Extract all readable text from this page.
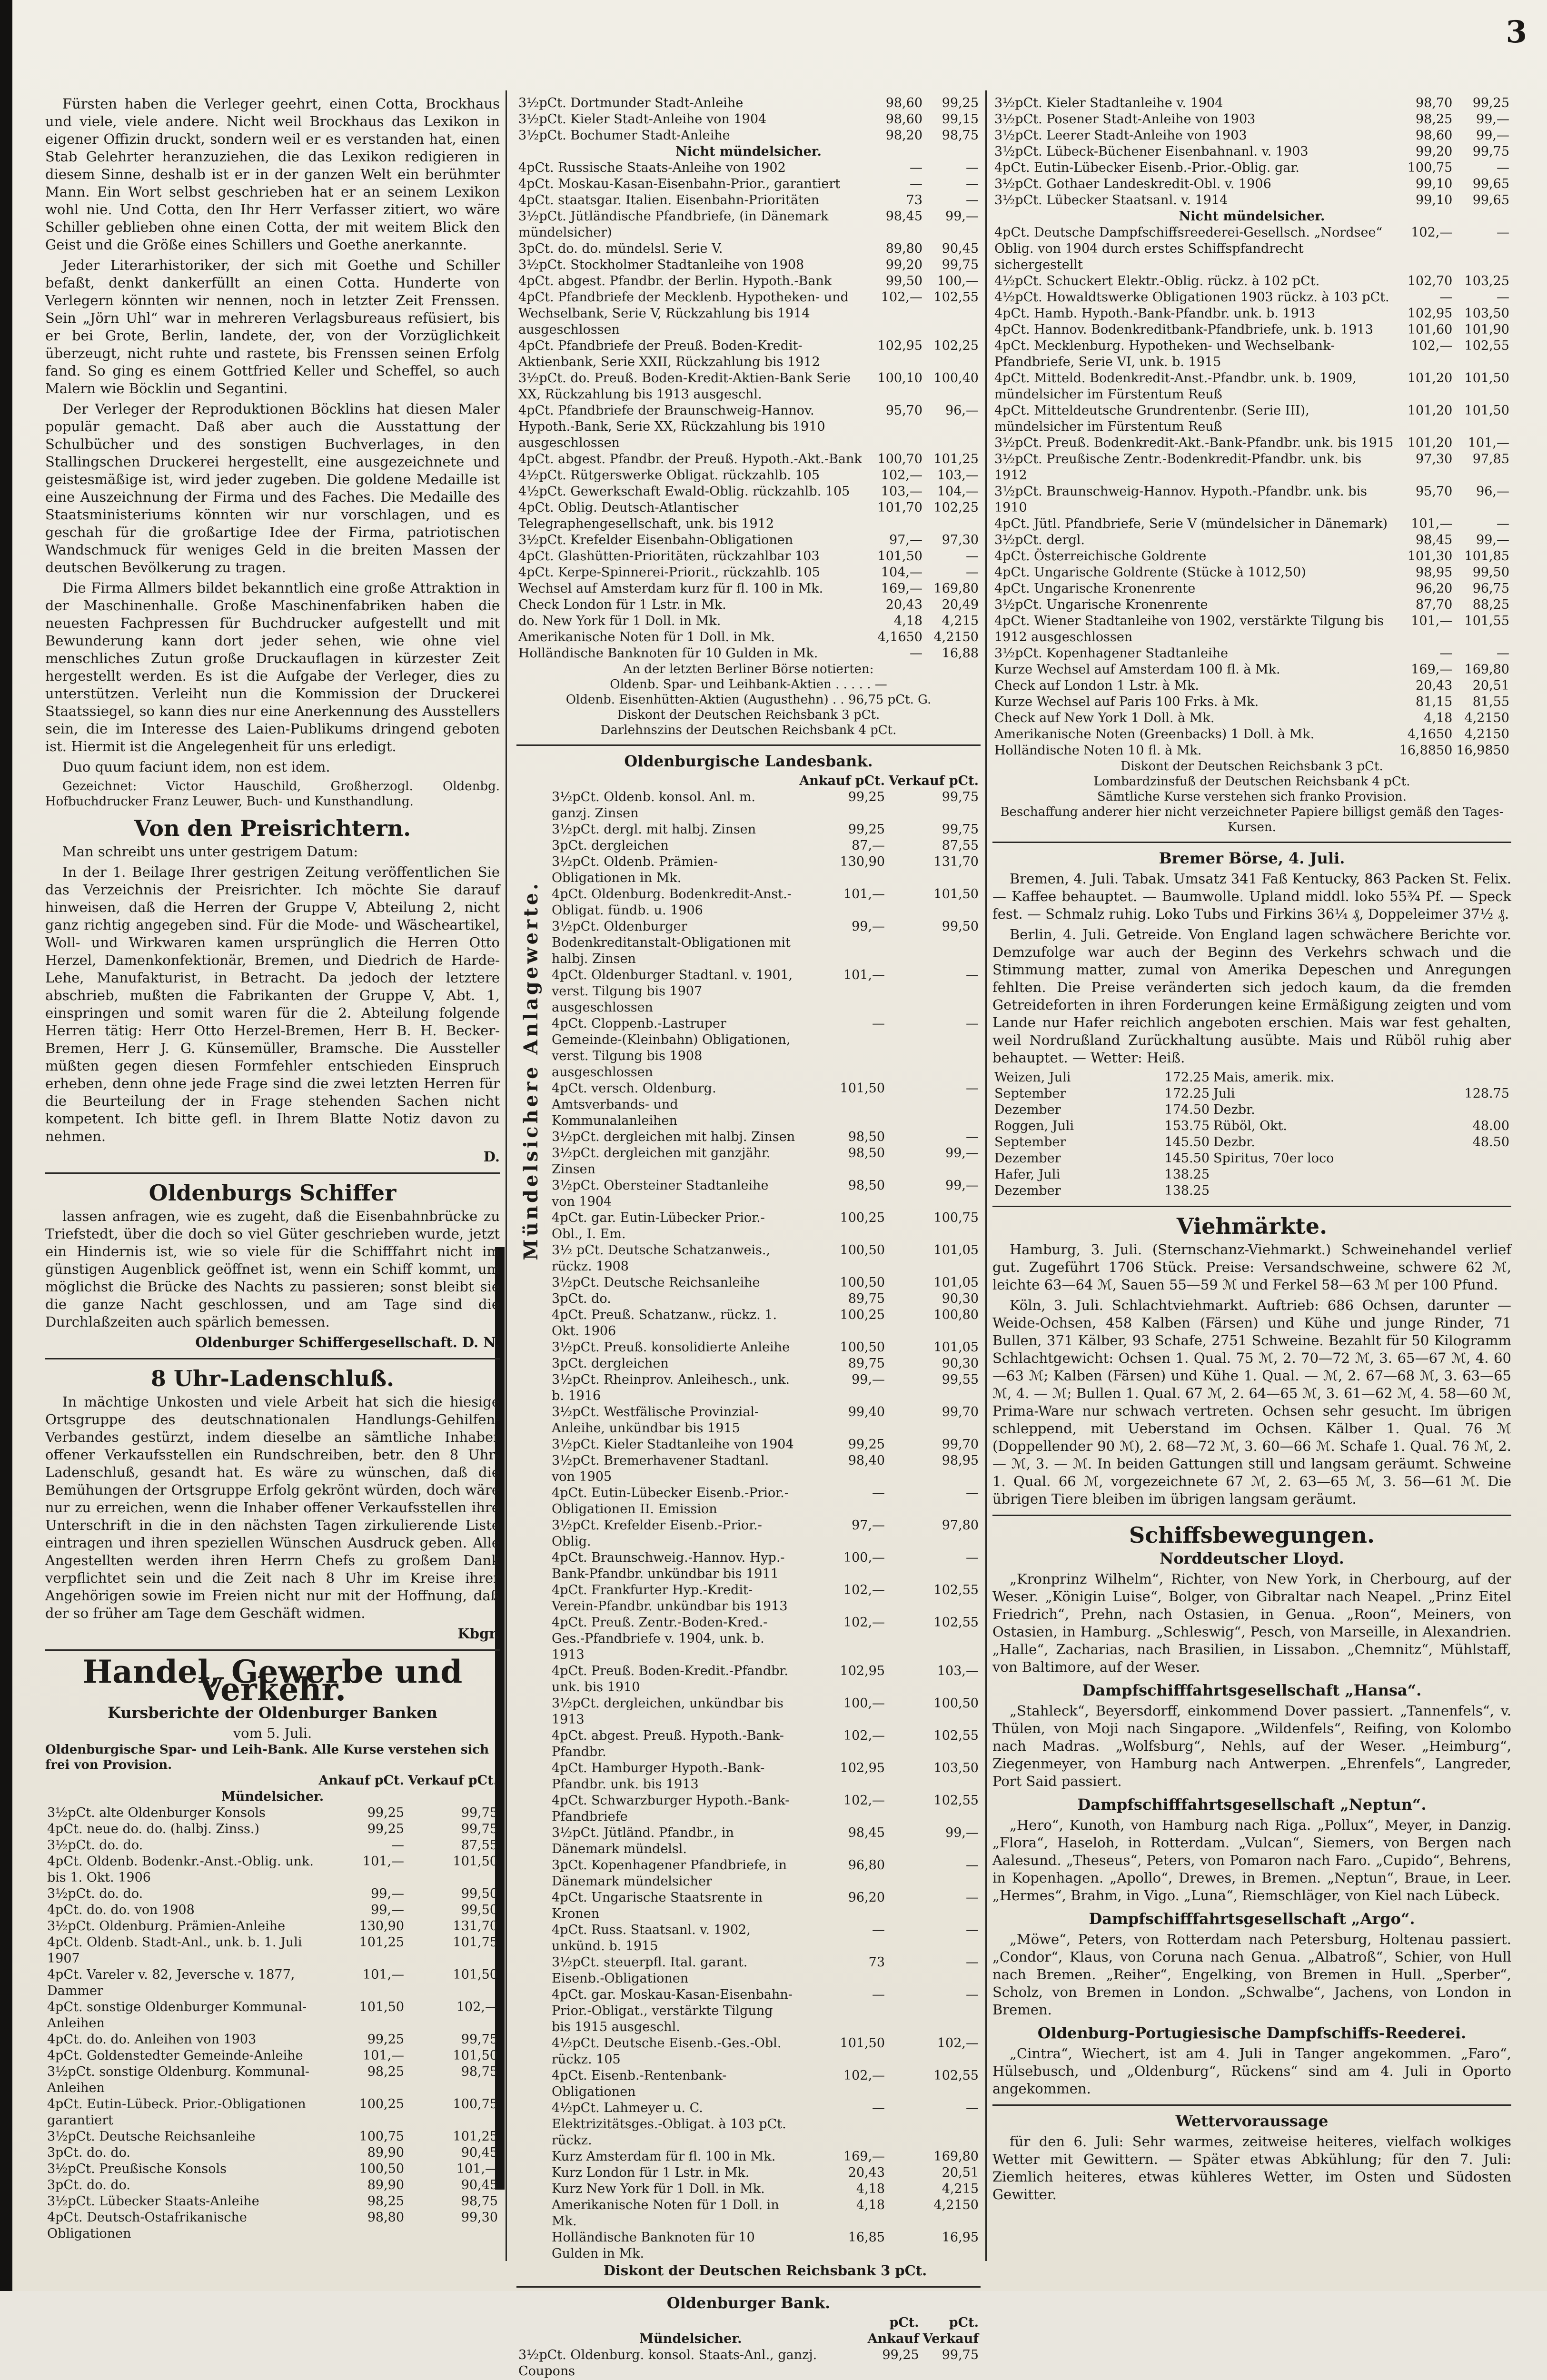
3

Fürsten haben die Verleger geehrt, einen Cotta, Brockhaus und viele, viele andere. Nicht weil Brockhaus das Lexikon in eigener Offizin druckt, sondern weil er es verstanden hat, einen Stab Gelehrter heranzuziehen, die das Lexikon redigieren in diesem Sinne, deshalb ist er in der ganzen Welt ein berühmter Mann. Ein Wort selbst geschrieben hat er an seinem Lexikon wohl nie. Und Cotta, den Ihr Herr Verfasser zitiert, wo wäre Schiller geblieben ohne einen Cotta, der mit weitem Blick den Geist und die Größe eines Schillers und Goethe anerkannte.

Jeder Literarhistoriker, der sich mit Goethe und Schiller befaßt, denkt dankerfüllt an einen Cotta. Hunderte von Verlegern könnten wir nennen, noch in letzter Zeit Frenssen. Sein „Jörn Uhl“ war in mehreren Verlagsbureaus refüsiert, bis er bei Grote, Berlin, landete, der, von der Vorzüglichkeit überzeugt, nicht ruhte und rastete, bis Frenssen seinen Erfolg fand. So ging es einem Gottfried Keller und Scheffel, so auch Malern wie Böcklin und Segantini.

Der Verleger der Reproduktionen Böcklins hat diesen Maler populär gemacht. Daß aber auch die Ausstattung der Schulbücher und des sonstigen Buchverlages, in den Stallingschen Druckerei hergestellt, eine ausgezeichnete und geistesmäßige ist, wird jeder zugeben. Die goldene Medaille ist eine Auszeichnung der Firma und des Faches. Die Medaille des Staatsministeriums könnten wir nur vorschlagen, und es geschah für die großartige Idee der Firma, patriotischen Wandschmuck für weniges Geld in die breiten Massen der deutschen Bevölkerung zu tragen.

Die Firma Allmers bildet bekanntlich eine große Attraktion in der Maschinenhalle. Große Maschinenfabriken haben die neuesten Fachpressen für Buchdrucker aufgestellt und mit Bewunderung kann dort jeder sehen, wie ohne viel menschliches Zutun große Druckauflagen in kürzester Zeit hergestellt werden. Es ist die Aufgabe der Verleger, dies zu unterstützen. Verleiht nun die Kommission der Druckerei Staatssiegel, so kann dies nur eine Anerkennung des Ausstellers sein, die im Interesse des Laien-Publikums dringend geboten ist. Hiermit ist die Angelegenheit für uns erledigt.

Duo quum faciunt idem, non est idem.

Gezeichnet: Victor Hauschild, Großherzogl. Oldenbg. Hofbuchdrucker Franz Leuwer, Buch- und Kunsthandlung.

Von den Preisrichtern.

Man schreibt uns unter gestrigem Datum:

In der 1. Beilage Ihrer gestrigen Zeitung veröffentlichen Sie das Verzeichnis der Preisrichter. Ich möchte Sie darauf hinweisen, daß die Herren der Gruppe V, Abteilung 2, nicht ganz richtig angegeben sind. Für die Mode- und Wäscheartikel, Woll- und Wirkwaren kamen ursprünglich die Herren Otto Herzel, Damenkonfektionär, Bremen, und Diedrich de Harde-Lehe, Manufakturist, in Betracht. Da jedoch der letztere abschrieb, mußten die Fabrikanten der Gruppe V, Abt. 1, einspringen und somit waren für die 2. Abteilung folgende Herren tätig: Herr Otto Herzel-Bremen, Herr B. H. Becker-Bremen, Herr J. G. Künsemüller, Bramsche. Die Aussteller müßten gegen diesen Formfehler entschieden Einspruch erheben, denn ohne jede Frage sind die zwei letzten Herren für die Beurteilung der in Frage stehenden Sachen nicht kompetent. Ich bitte gefl. in Ihrem Blatte Notiz davon zu nehmen.

D.
Oldenburgs Schiffer

lassen anfragen, wie es zugeht, daß die Eisenbahnbrücke zu Triefstedt, über die doch so viel Güter geschrieben wurde, jetzt ein Hindernis ist, wie so viele für die Schifffahrt nicht im günstigen Augenblick geöffnet ist, wenn ein Schiff kommt, um möglichst die Brücke des Nachts zu passieren; sonst bleibt sie die ganze Nacht geschlossen, und am Tage sind die Durchlaßzeiten auch spärlich bemessen.

Oldenburger Schiffergesellschaft. D. N.
8 Uhr-Ladenschluß.

In mächtige Unkosten und viele Arbeit hat sich die hiesige Ortsgruppe des deutschnationalen Handlungs-Gehilfen-Verbandes gestürzt, indem dieselbe an sämtliche Inhaber offener Verkaufsstellen ein Rundschreiben, betr. den 8 Uhr-Ladenschluß, gesandt hat. Es wäre zu wünschen, daß die Bemühungen der Ortsgruppe Erfolg gekrönt würden, doch wäre nur zu erreichen, wenn die Inhaber offener Verkaufsstellen ihre Unterschrift in die in den nächsten Tagen zirkulierende Liste eintragen und ihren speziellen Wünschen Ausdruck geben. Alle Angestellten werden ihren Herrn Chefs zu großem Dank verpflichtet sein und die Zeit nach 8 Uhr im Kreise ihrer Angehörigen sowie im Freien nicht nur mit der Hoffnung, daß der so früher am Tage dem Geschäft widmen.

Kbgr.
Handel, Gewerbe und Verkehr.
Kursberichte der Oldenburger Banken
vom 5. Juli.
Oldenburgische Spar- und Leih-Bank. Alle Kurse verstehen sich frei von Provision.
	Ankauf pCt.	Verkauf pCt.
Mündelsicher.		
3½pCt. alte Oldenburger Konsols	99,25	99,75
4pCt. neue do. do. (halbj. Zinss.)	99,25	99,75
3½pCt. do. do.	—	87,55
4pCt. Oldenb. Bodenkr.-Anst.-Oblig. unk. bis 1. Okt. 1906	101,—	101,50
3½pCt. do. do.	99,—	99,50
4pCt. do. do. von 1908	99,—	99,50
3½pCt. Oldenburg. Prämien-Anleihe	130,90	131,70
4pCt. Oldenb. Stadt-Anl., unk. b. 1. Juli 1907	101,25	101,75
4pCt. Vareler v. 82, Jeversche v. 1877, Dammer	101,—	101,50
4pCt. sonstige Oldenburger Kommunal-Anleihen	101,50	102,—
4pCt. do. do. Anleihen von 1903	99,25	99,75
4pCt. Goldenstedter Gemeinde-Anleihe	101,—	101,50
3½pCt. sonstige Oldenburg. Kommunal-Anleihen	98,25	98,75
4pCt. Eutin-Lübeck. Prior.-Obligationen garantiert	100,25	100,75
3½pCt. Deutsche Reichsanleihe	100,75	101,25
3pCt. do. do.	89,90	90,45
3½pCt. Preußische Konsols	100,50	101,—
3pCt. do. do.	89,90	90,45
3½pCt. Lübecker Staats-Anleihe	98,25	98,75
4pCt. Deutsch-Ostafrikanische Obligationen	98,80	99,30
3½pCt. Dortmunder Stadt-Anleihe	98,60	99,25
3½pCt. Kieler Stadt-Anleihe von 1904	98,60	99,15
3½pCt. Bochumer Stadt-Anleihe	98,20	98,75
Nicht mündelsicher.		
4pCt. Russische Staats-Anleihe von 1902	—	—
4pCt. Moskau-Kasan-Eisenbahn-Prior., garantiert	—	—
4pCt. staatsgar. Italien. Eisenbahn-Prioritäten	73	—
3½pCt. Jütländische Pfandbriefe, (in Dänemark mündelsicher)	98,45	99,—
3pCt. do. do. mündelsl. Serie V.	89,80	90,45
3½pCt. Stockholmer Stadtanleihe von 1908	99,20	99,75
4pCt. abgest. Pfandbr. der Berlin. Hypoth.-Bank	99,50	100,—
4pCt. Pfandbriefe der Mecklenb. Hypotheken- und Wechselbank, Serie V, Rückzahlung bis 1914 ausgeschlossen	102,—	102,55
4pCt. Pfandbriefe der Preuß. Boden-Kredit-Aktienbank, Serie XXII, Rückzahlung bis 1912	102,95	102,25
3½pCt. do. Preuß. Boden-Kredit-Aktien-Bank Serie XX, Rückzahlung bis 1913 ausgeschl.	100,10	100,40
4pCt. Pfandbriefe der Braunschweig-Hannov. Hypoth.-Bank, Serie XX, Rückzahlung bis 1910 ausgeschlossen	95,70	96,—
4pCt. abgest. Pfandbr. der Preuß. Hypoth.-Akt.-Bank	100,70	101,25
4½pCt. Rütgerswerke Obligat. rückzahlb. 105	102,—	103,—
4½pCt. Gewerkschaft Ewald-Oblig. rückzahlb. 105	103,—	104,—
4pCt. Oblig. Deutsch-Atlantischer Telegraphengesellschaft, unk. bis 1912	101,70	102,25
3½pCt. Krefelder Eisenbahn-Obligationen	97,—	97,30
4pCt. Glashütten-Prioritäten, rückzahlbar 103	101,50	—
4pCt. Kerpe-Spinnerei-Priorit., rückzahlb. 105	104,—	—
Wechsel auf Amsterdam kurz für fl. 100 in Mk.	169,—	169,80
Check London für 1 Lstr. in Mk.	20,43	20,49
do. New York für 1 Doll. in Mk.	4,18	4,215
Amerikanische Noten für 1 Doll. in Mk.	4,1650	4,2150
Holländische Banknoten für 10 Gulden in Mk.	—	16,88
An der letzten Berliner Börse notierten:
Oldenb. Spar- und Leihbank-Aktien . . . . . —
Oldenb. Eisenhütten-Aktien (Augusthehn) . . 96,75 pCt. G.
Diskont der Deutschen Reichsbank 3 pCt.
Darlehnszins der Deutschen Reichsbank 4 pCt.
Oldenburgische Landesbank.
	Ankauf pCt.	Verkauf pCt.
3½pCt. Oldenb. konsol. Anl. m. ganzj. Zinsen	99,25	99,75
3½pCt. dergl. mit halbj. Zinsen	99,25	99,75
3pCt. dergleichen	87,—	87,55
3½pCt. Oldenb. Prämien-Obligationen in Mk.	130,90	131,70
4pCt. Oldenburg. Bodenkredit-Anst.-Obligat. fündb. u. 1906	101,—	101,50
3½pCt. Oldenburger Bodenkreditanstalt-Obligationen mit halbj. Zinsen	99,—	99,50
4pCt. Oldenburger Stadtanl. v. 1901, verst. Tilgung bis 1907 ausgeschlossen	101,—	—
4pCt. Cloppenb.-Lastruper Gemeinde-(Kleinbahn) Obligationen, verst. Tilgung bis 1908 ausgeschlossen	—	—
4pCt. versch. Oldenburg. Amtsverbands- und Kommunalanleihen	101,50	—
3½pCt. dergleichen mit halbj. Zinsen	98,50	—
3½pCt. dergleichen mit ganzjähr. Zinsen	98,50	99,—
3½pCt. Obersteiner Stadtanleihe von 1904	98,50	99,—
4pCt. gar. Eutin-Lübecker Prior.-Obl., I. Em.	100,25	100,75
3½ pCt. Deutsche Schatzanweis., rückz. 1908	100,50	101,05
3½pCt. Deutsche Reichsanleihe	100,50	101,05
3pCt. do.	89,75	90,30
4pCt. Preuß. Schatzanw., rückz. 1. Okt. 1906	100,25	100,80
3½pCt. Preuß. konsolidierte Anleihe	100,50	101,05
3pCt. dergleichen	89,75	90,30
3½pCt. Rheinprov. Anleihesch., unk. b. 1916	99,—	99,55
3½pCt. Westfälische Provinzial-Anleihe, unkündbar bis 1915	99,40	99,70
3½pCt. Kieler Stadtanleihe von 1904	99,25	99,70
3½pCt. Bremerhavener Stadtanl. von 1905	98,40	98,95
4pCt. Eutin-Lübecker Eisenb.-Prior.-Obligationen II. Emission	—	—
3½pCt. Krefelder Eisenb.-Prior.-Oblig.	97,—	97,80
4pCt. Braunschweig.-Hannov. Hyp.-Bank-Pfandbr. unkündbar bis 1911	100,—	—
4pCt. Frankfurter Hyp.-Kredit-Verein-Pfandbr. unkündbar bis 1913	102,—	102,55
4pCt. Preuß. Zentr.-Boden-Kred.-Ges.-Pfandbriefe v. 1904, unk. b. 1913	102,—	102,55
4pCt. Preuß. Boden-Kredit.-Pfandbr. unk. bis 1910	102,95	103,—
3½pCt. dergleichen, unkündbar bis 1913	100,—	100,50
4pCt. abgest. Preuß. Hypoth.-Bank-Pfandbr.	102,—	102,55
4pCt. Hamburger Hypoth.-Bank-Pfandbr. unk. bis 1913	102,95	103,50
4pCt. Schwarzburger Hypoth.-Bank-Pfandbriefe	102,—	102,55
3½pCt. Jütländ. Pfandbr., in Dänemark mündelsl.	98,45	99,—
3pCt. Kopenhagener Pfandbriefe, in Dänemark mündelsicher	96,80	—
4pCt. Ungarische Staatsrente in Kronen	96,20	—
4pCt. Russ. Staatsanl. v. 1902, unkünd. b. 1915	—	—
3½pCt. steuerpfl. Ital. garant. Eisenb.-Obligationen	73	—
4pCt. gar. Moskau-Kasan-Eisenbahn-Prior.-Obligat., verstärkte Tilgung bis 1915 ausgeschl.	—	—
4½pCt. Deutsche Eisenb.-Ges.-Obl. rückz. 105	101,50	102,—
4pCt. Eisenb.-Rentenbank-Obligationen	102,—	102,55
4½pCt. Lahmeyer u. C. Elektrizitätsges.-Obligat. à 103 pCt. rückz.	—	—
Kurz Amsterdam für fl. 100 in Mk.	169,—	169,80
Kurz London für 1 Lstr. in Mk.	20,43	20,51
Kurz New York für 1 Doll. in Mk.	4,18	4,215
Amerikanische Noten für 1 Doll. in Mk.	4,18	4,2150
Holländische Banknoten für 10 Gulden in Mk.	16,85	16,95
Diskont der Deutschen Reichsbank 3 pCt.
Oldenburger Bank.
	pCt.	pCt.
Mündelsicher.	Ankauf	Verkauf
3½pCt. Oldenburg. konsol. Staats-Anl., ganzj. Coupons	99,25	99,75

Mündelsichere Anlagewerte.
3½pCt. Kieler Stadtanleihe v. 1904	98,70	99,25
3½pCt. Posener Stadt-Anleihe von 1903	98,25	99,—
3½pCt. Leerer Stadt-Anleihe von 1903	98,60	99,—
3½pCt. Lübeck-Büchener Eisenbahnanl. v. 1903	99,20	99,75
4pCt. Eutin-Lübecker Eisenb.-Prior.-Oblig. gar.	100,75	—
3½pCt. Gothaer Landeskredit-Obl. v. 1906	99,10	99,65
3½pCt. Lübecker Staatsanl. v. 1914	99,10	99,65
Nicht mündelsicher.		
4pCt. Deutsche Dampfschiffsreederei-Gesellsch. „Nordsee“ Oblig. von 1904 durch erstes Schiffspfandrecht sichergestellt	102,—	—
4½pCt. Schuckert Elektr.-Oblig. rückz. à 102 pCt.	102,70	103,25
4½pCt. Howaldtswerke Obligationen 1903 rückz. à 103 pCt.	—	—
4pCt. Hamb. Hypoth.-Bank-Pfandbr. unk. b. 1913	102,95	103,50
4pCt. Hannov. Bodenkreditbank-Pfandbriefe, unk. b. 1913	101,60	101,90
4pCt. Mecklenburg. Hypotheken- und Wechselbank-Pfandbriefe, Serie VI, unk. b. 1915	102,—	102,55
4pCt. Mitteld. Bodenkredit-Anst.-Pfandbr. unk. b. 1909, mündelsicher im Fürstentum Reuß	101,20	101,50
4pCt. Mitteldeutsche Grundrentenbr. (Serie III), mündelsicher im Fürstentum Reuß	101,20	101,50
3½pCt. Preuß. Bodenkredit-Akt.-Bank-Pfandbr. unk. bis 1915	101,20	101,—
3½pCt. Preußische Zentr.-Bodenkredit-Pfandbr. unk. bis 1912	97,30	97,85
3½pCt. Braunschweig-Hannov. Hypoth.-Pfandbr. unk. bis 1910	95,70	96,—
4pCt. Jütl. Pfandbriefe, Serie V (mündelsicher in Dänemark)	101,—	—
3½pCt. dergl.	98,45	99,—
4pCt. Österreichische Goldrente	101,30	101,85
4pCt. Ungarische Goldrente (Stücke à 1012,50)	98,95	99,50
4pCt. Ungarische Kronenrente	96,20	96,75
3½pCt. Ungarische Kronenrente	87,70	88,25
4pCt. Wiener Stadtanleihe von 1902, verstärkte Tilgung bis 1912 ausgeschlossen	101,—	101,55
3½pCt. Kopenhagener Stadtanleihe	—	—
Kurze Wechsel auf Amsterdam 100 fl. à Mk.	169,—	169,80
Check auf London 1 Lstr. à Mk.	20,43	20,51
Kurze Wechsel auf Paris 100 Frks. à Mk.	81,15	81,55
Check auf New York 1 Doll. à Mk.	4,18	4,2150
Amerikanische Noten (Greenbacks) 1 Doll. à Mk.	4,1650	4,2150
Holländische Noten 10 fl. à Mk.	16,8850	16,9850
Diskont der Deutschen Reichsbank 3 pCt.
Lombardzinsfuß der Deutschen Reichsbank 4 pCt.
Sämtliche Kurse verstehen sich franko Provision.
Beschaffung anderer hier nicht verzeichneter Papiere billigst gemäß den Tages-Kursen.
Bremer Börse, 4. Juli.

Bremen, 4. Juli. Tabak. Umsatz 341 Faß Kentucky, 863 Packen St. Felix. — Kaffee behauptet. — Baumwolle. Upland middl. loko 55¾ Pf. — Speck fest. — Schmalz ruhig. Loko Tubs und Firkins 36¼ ₰, Doppeleimer 37½ ₰.

Berlin, 4. Juli. Getreide. Von England lagen schwächere Berichte vor. Demzufolge war auch der Beginn des Verkehrs schwach und die Stimmung matter, zumal von Amerika Depeschen und Anregungen fehlten. Die Preise veränderten sich jedoch kaum, da die fremden Getreideforten in ihren Forderungen keine Ermäßigung zeigten und vom Lande nur Hafer reichlich angeboten erschien. Mais war fest gehalten, weil Nordrußland Zurückhaltung ausübte. Mais und Rüböl ruhig aber behauptet. — Wetter: Heiß.

Weizen, Juli	172.25	Mais, amerik. mix.	
September	172.25	Juli	128.75
Dezember	174.50	Dezbr.	
Roggen, Juli	153.75	Rüböl, Okt.	48.00
September	145.50	Dezbr.	48.50
Dezember	145.50	Spiritus, 70er loco	
Hafer, Juli	138.25		
Dezember	138.25		
Viehmärkte.

Hamburg, 3. Juli. (Sternschanz-Viehmarkt.) Schweinehandel verlief gut. Zugeführt 1706 Stück. Preise: Versandschweine, schwere 62 ℳ, leichte 63—64 ℳ, Sauen 55—59 ℳ und Ferkel 58—63 ℳ per 100 Pfund.

Köln, 3. Juli. Schlachtviehmarkt. Auftrieb: 686 Ochsen, darunter — Weide-Ochsen, 458 Kalben (Färsen) und Kühe und junge Rinder, 71 Bullen, 371 Kälber, 93 Schafe, 2751 Schweine. Bezahlt für 50 Kilogramm Schlachtgewicht: Ochsen 1. Qual. 75 ℳ, 2. 70—72 ℳ, 3. 65—67 ℳ, 4. 60—63 ℳ; Kalben (Färsen) und Kühe 1. Qual. — ℳ, 2. 67—68 ℳ, 3. 63—65 ℳ, 4. — ℳ; Bullen 1. Qual. 67 ℳ, 2. 64—65 ℳ, 3. 61—62 ℳ, 4. 58—60 ℳ, Prima-Ware nur schwach vertreten. Ochsen sehr gesucht. Im übrigen schleppend, mit Ueberstand im Ochsen. Kälber 1. Qual. 76 ℳ (Doppellender 90 ℳ), 2. 68—72 ℳ, 3. 60—66 ℳ. Schafe 1. Qual. 76 ℳ, 2. — ℳ, 3. — ℳ. In beiden Gattungen still und langsam geräumt. Schweine 1. Qual. 66 ℳ, vorgezeichnete 67 ℳ, 2. 63—65 ℳ, 3. 56—61 ℳ. Die übrigen Tiere bleiben im übrigen langsam geräumt.

Schiffsbewegungen.
Norddeutscher Lloyd.

„Kronprinz Wilhelm“, Richter, von New York, in Cherbourg, auf der Weser. „Königin Luise“, Bolger, von Gibraltar nach Neapel. „Prinz Eitel Friedrich“, Prehn, nach Ostasien, in Genua. „Roon“, Meiners, von Ostasien, in Hamburg. „Schleswig“, Pesch, von Marseille, in Alexandrien. „Halle“, Zacharias, nach Brasilien, in Lissabon. „Chemnitz“, Mühlstaff, von Baltimore, auf der Weser.

Dampfschifffahrtsgesellschaft „Hansa“.

„Stahleck“, Beyersdorff, einkommend Dover passiert. „Tannenfels“, v. Thülen, von Moji nach Singapore. „Wildenfels“, Reifing, von Kolombo nach Madras. „Wolfsburg“, Nehls, auf der Weser. „Heimburg“, Ziegenmeyer, von Hamburg nach Antwerpen. „Ehrenfels“, Langreder, Port Said passiert.

Dampfschifffahrtsgesellschaft „Neptun“.

„Hero“, Kunoth, von Hamburg nach Riga. „Pollux“, Meyer, in Danzig. „Flora“, Haseloh, in Rotterdam. „Vulcan“, Siemers, von Bergen nach Aalesund. „Theseus“, Peters, von Pomaron nach Faro. „Cupido“, Behrens, in Kopenhagen. „Apollo“, Drewes, in Bremen. „Neptun“, Braue, in Leer. „Hermes“, Brahm, in Vigo. „Luna“, Riemschläger, von Kiel nach Lübeck.

Dampfschifffahrtsgesellschaft „Argo“.

„Möwe“, Peters, von Rotterdam nach Petersburg, Holtenau passiert. „Condor“, Klaus, von Coruna nach Genua. „Albatroß“, Schier, von Hull nach Bremen. „Reiher“, Engelking, von Bremen in Hull. „Sperber“, Scholz, von Bremen in London. „Schwalbe“, Jachens, von London in Bremen.

Oldenburg-Portugiesische Dampfschiffs-Reederei.

„Cintra“, Wiechert, ist am 4. Juli in Tanger angekommen. „Faro“, Hülsebusch, und „Oldenburg“, Rückens“ sind am 4. Juli in Oporto angekommen.

Wettervoraussage

für den 6. Juli: Sehr warmes, zeitweise heiteres, vielfach wolkiges Wetter mit Gewittern. — Später etwas Abkühlung; für den 7. Juli: Ziemlich heiteres, etwas kühleres Wetter, im Osten und Südosten Gewitter.
